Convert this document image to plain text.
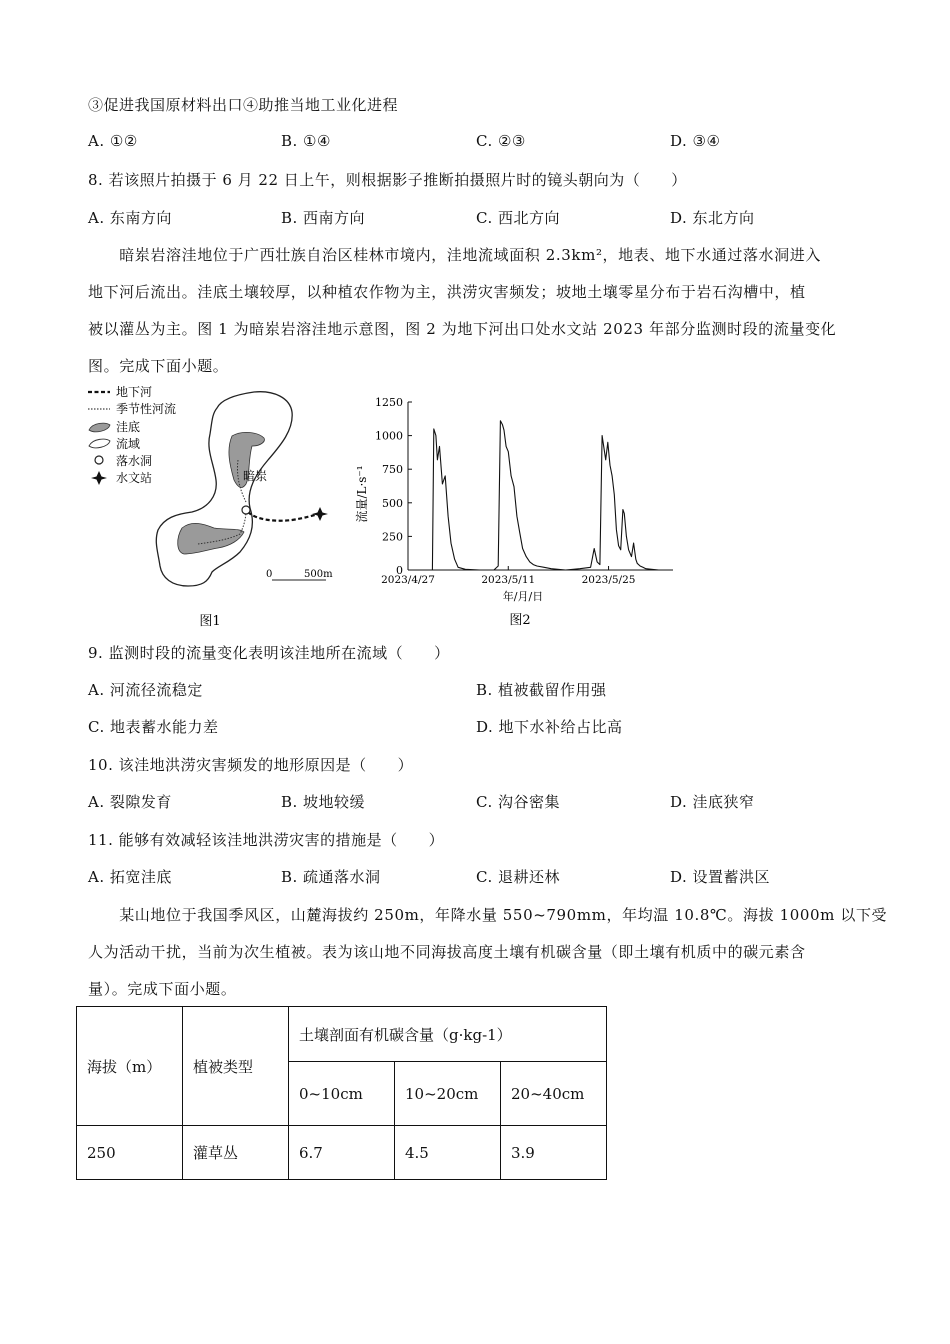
③促进我国原材料出口④助推当地工业化进程
A. ①②	B. ①④	C. ②③	D. ③④
8. 若该照片拍摄于 6 月 22 日上午，则根据影子推断拍摄照片时的镜头朝向为（　　）
A. 东南方向	B. 西南方向	C. 西北方向	D. 东北方向
　　暗岽岩溶洼地位于广西壮族自治区桂林市境内，洼地流域面积 2.3km²，地表、地下水通过落水洞进入
地下河后流出。洼底土壤较厚，以种植农作物为主，洪涝灾害频发；坡地土壤零星分布于岩石沟槽中，植
被以灌丛为主。图 1 为暗岽岩溶洼地示意图，图 2 为地下河出口处水文站 2023 年部分监测时段的流量变化
图。完成下面小题。
地下河
季节性河流
洼底
流域
落水洞
水文站	暗岽
0	500m
图1
流量/L·s⁻¹
0
250
500
750
1000
1250
2023/4/27	2023/5/11	2023/5/25
年/月/日
图2
9. 监测时段的流量变化表明该洼地所在流域（　　）
A. 河流径流稳定	B. 植被截留作用强
C. 地表蓄水能力差	D. 地下水补给占比高
10. 该洼地洪涝灾害频发的地形原因是（　　）
A. 裂隙发育	B. 坡地较缓	C. 沟谷密集	D. 洼底狭窄
11. 能够有效减轻该洼地洪涝灾害的措施是（　　）
A. 拓宽洼底	B. 疏通落水洞	C. 退耕还林	D. 设置蓄洪区
　　某山地位于我国季风区，山麓海拔约 250m，年降水量 550~790mm，年均温 10.8℃。海拔 1000m 以下受
人为活动干扰，当前为次生植被。表为该山地不同海拔高度土壤有机碳含量（即土壤有机质中的碳元素含
量）。完成下面小题。
海拔（m）	植被类型	土壤剖面有机碳含量（g·kg-1）		
		0~10cm	10~20cm	20~40cm
250	灌草丛	6.7	4.5	3.9
